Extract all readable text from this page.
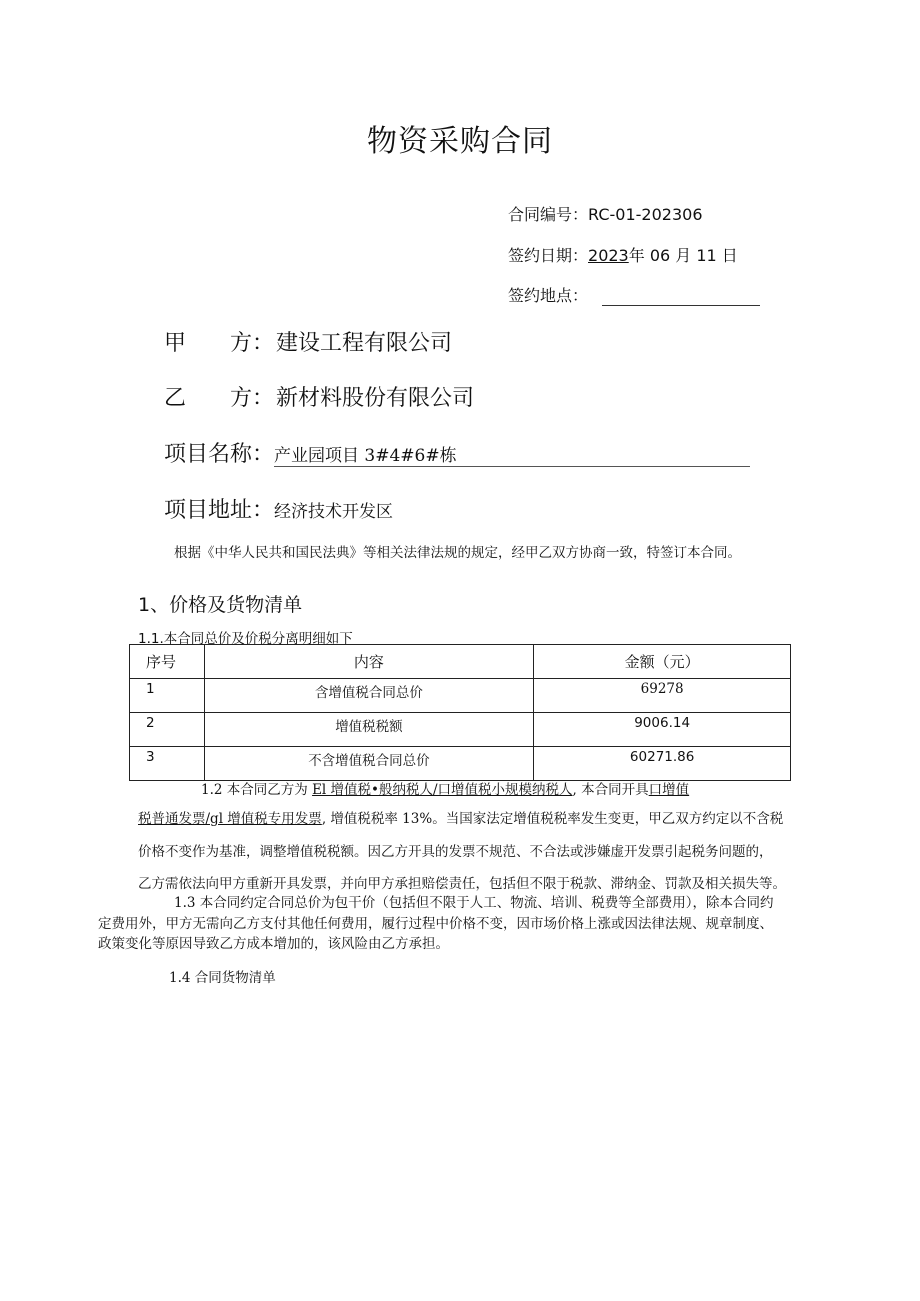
物资采购合同
合同编号：RC-01-202306
签约日期：2023年 06 月 11 日
签约地点：
甲　　方：建设工程有限公司
乙　　方：新材料股份有限公司
项目名称：产业园项目 3#4#6#栋
项目地址：经济技术开发区
根据《中华人民共和国民法典》等相关法律法规的规定，经甲乙双方协商一致，特签订本合同。
1、价格及货物清单
1.1.本合同总价及价税分离明细如下
序号	内容	金额（元）
1	含增值税合同总价	69278
2	增值税税额	9006.14
3	不含增值税合同总价	60271.86
1.2 本合同乙方为 El 增值税•般纳税人/口增值税小规模纳税人, 本合同开具口增值
税普通发票/gl 增值税专用发票, 增值税税率 13%。当国家法定增值税税率发生变更，甲乙双方约定以不含税
价格不变作为基准，调整增值税税额。因乙方开具的发票不规范、不合法或涉嫌虚开发票引起税务问题的，
乙方需依法向甲方重新开具发票，并向甲方承担赔偿责任，包括但不限于税款、滞纳金、罚款及相关损失等。
1.3 本合同约定合同总价为包干价（包括但不限于人工、物流、培训、税费等全部费用），除本合同约
定费用外，甲方无需向乙方支付其他任何费用，履行过程中价格不变，因市场价格上涨或因法律法规、规章制度、
政策变化等原因导致乙方成本增加的，该风险由乙方承担。
1.4 合同货物清单
